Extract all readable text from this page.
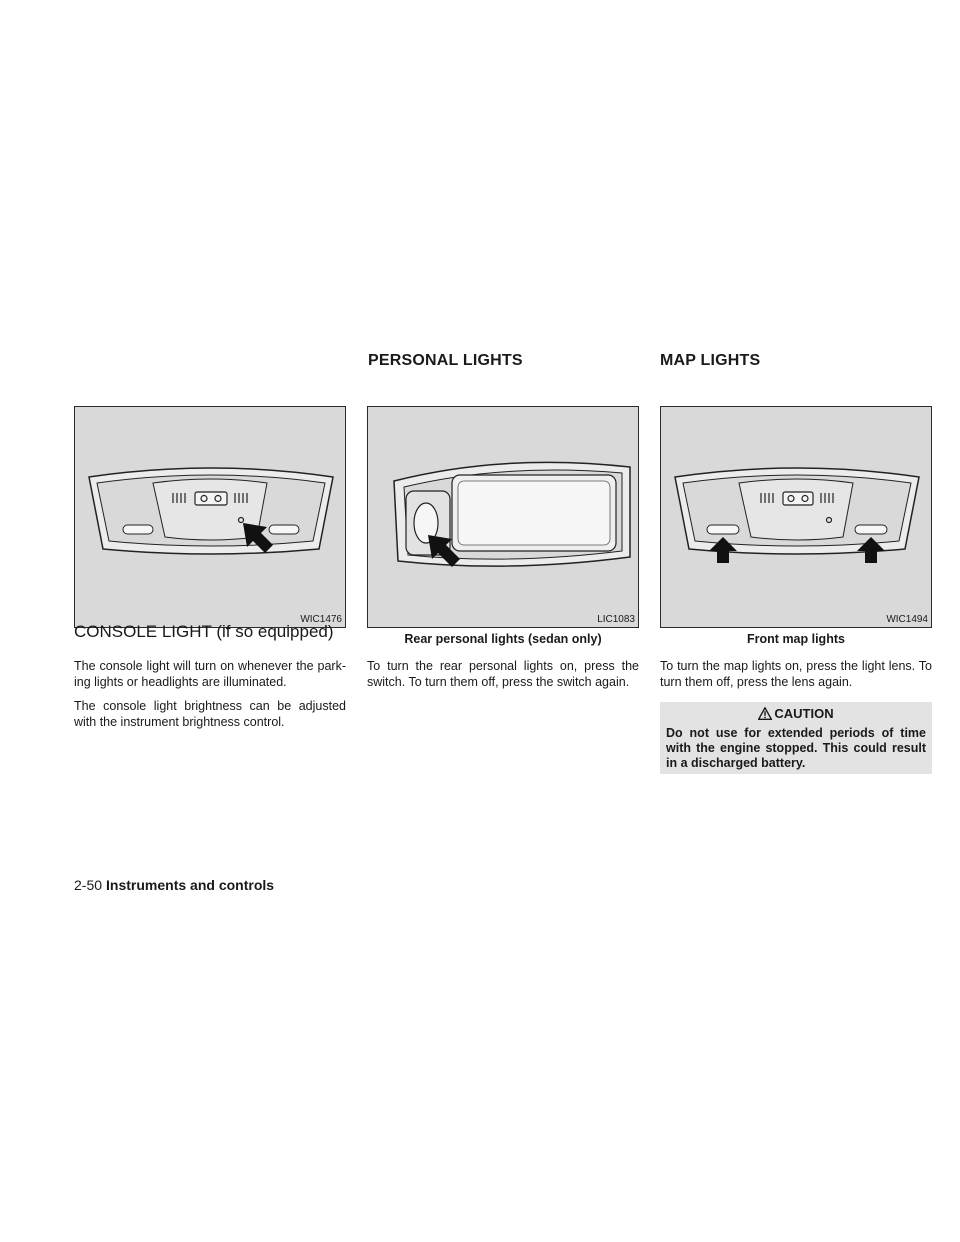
PERSONAL LIGHTS	MAP LIGHTS
WIC1476	LIC1083	WIC1494
CONSOLE LIGHT (if so equipped)

The console light will turn on whenever the park-ing lights or headlights are illuminated.

The console light brightness can be adjusted with the instrument brightness control.

Rear personal lights (sedan only)

To turn the rear personal lights on, press the switch. To turn them off, press the switch again.

Front map lights

To turn the map lights on, press the light lens. To turn them off, press the lens again.

CAUTION

Do not use for extended periods of time with the engine stopped. This could result in a discharged battery.

2-50 Instruments and controls
